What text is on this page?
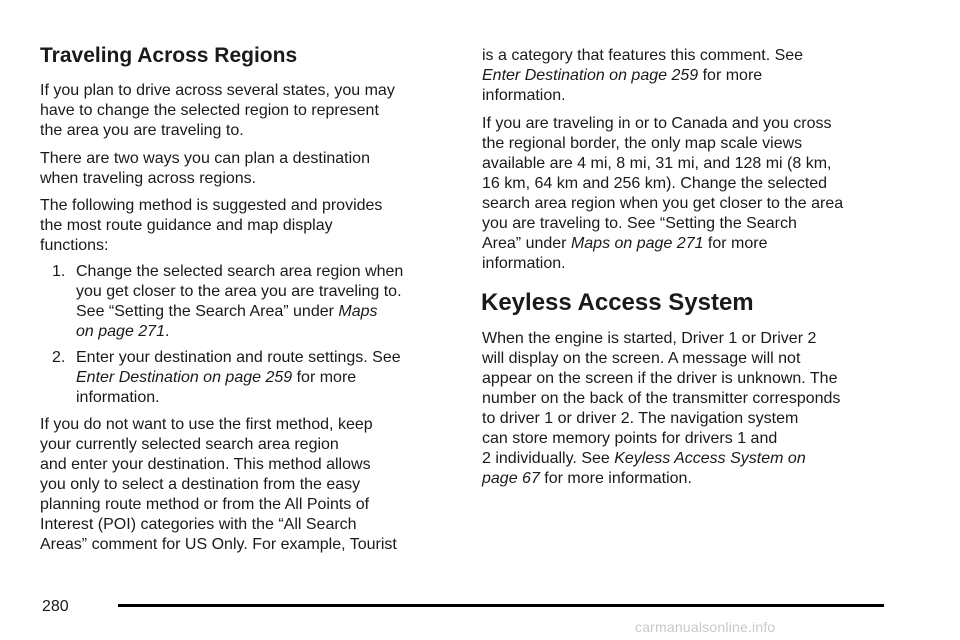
Traveling Across Regions

If you plan to drive across several states, you may

have to change the selected region to represent

the area you are traveling to.

There are two ways you can plan a destination

when traveling across regions.

The following method is suggested and provides

the most route guidance and map display

functions:

1. Change the selected search area region when
you get closer to the area you are traveling to.
See “Setting the Search Area” under Maps
on page 271.
2. Enter your destination and route settings. See
Enter Destination on page 259 for more
information.

If you do not want to use the first method, keep

your currently selected search area region

and enter your destination. This method allows

you only to select a destination from the easy

planning route method or from the All Points of

Interest (POI) categories with the “All Search

Areas” comment for US Only. For example, Tourist

is a category that features this comment. See

Enter Destination on page 259 for more

information.

If you are traveling in or to Canada and you cross

the regional border, the only map scale views

available are 4 mi, 8 mi, 31 mi, and 128 mi (8 km,

16 km, 64 km and 256 km). Change the selected

search area region when you get closer to the area

you are traveling to. See “Setting the Search

Area” under Maps on page 271 for more

information.

Keyless Access System

When the engine is started, Driver 1 or Driver 2

will display on the screen. A message will not

appear on the screen if the driver is unknown. The

number on the back of the transmitter corresponds

to driver 1 or driver 2. The navigation system

can store memory points for drivers 1 and

2 individually. See Keyless Access System on

page 67 for more information.

280
carmanualsonline.info
